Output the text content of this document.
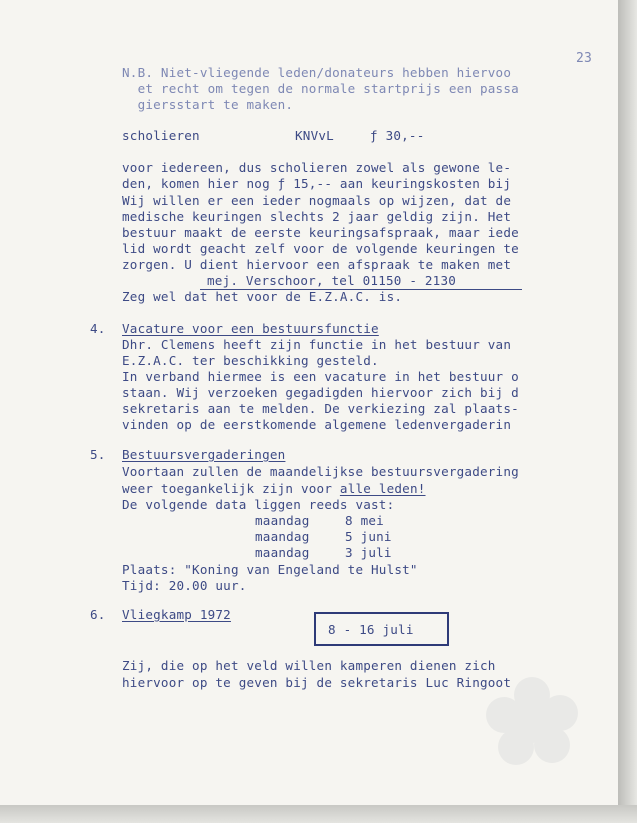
23
N.B. Niet-vliegende leden/donateurs hebben hiervoo
et recht om tegen de normale startprijs een passa
giersstart te maken.
scholieren	KNVvL	ƒ 30,--
voor iedereen, dus scholieren zowel als gewone le-
den, komen hier nog ƒ 15,-- aan keuringskosten bij
Wij willen er een ieder nogmaals op wijzen, dat de
medische keuringen slechts 2 jaar geldig zijn. Het
bestuur maakt de eerste keuringsafspraak, maar iede
lid wordt geacht zelf voor de volgende keuringen te
zorgen. U dient hiervoor een afspraak te maken met
mej. Verschoor, tel 01150 - 2130
Zeg wel dat het voor de E.Z.A.C. is.
4. Vacature voor een bestuursfunctie
Dhr. Clemens heeft zijn functie in het bestuur van
E.Z.A.C. ter beschikking gesteld.
In verband hiermee is een vacature in het bestuur o
staan. Wij verzoeken gegadigden hiervoor zich bij d
sekretaris aan te melden. De verkiezing zal plaats-
vinden op de eerstkomende algemene ledenvergaderin
5. Bestuursvergaderingen
Voortaan zullen de maandelijkse bestuursvergadering
weer toegankelijk zijn voor alle leden!
De volgende data liggen reeds vast:
maandag	8 mei
maandag	5 juni
maandag	3 juli
Plaats: "Koning van Engeland te Hulst"
Tijd: 20.00 uur.
6. Vliegkamp 1972
8 - 16 juli
Zij, die op het veld willen kamperen dienen zich
hiervoor op te geven bij de sekretaris Luc Ringoot
